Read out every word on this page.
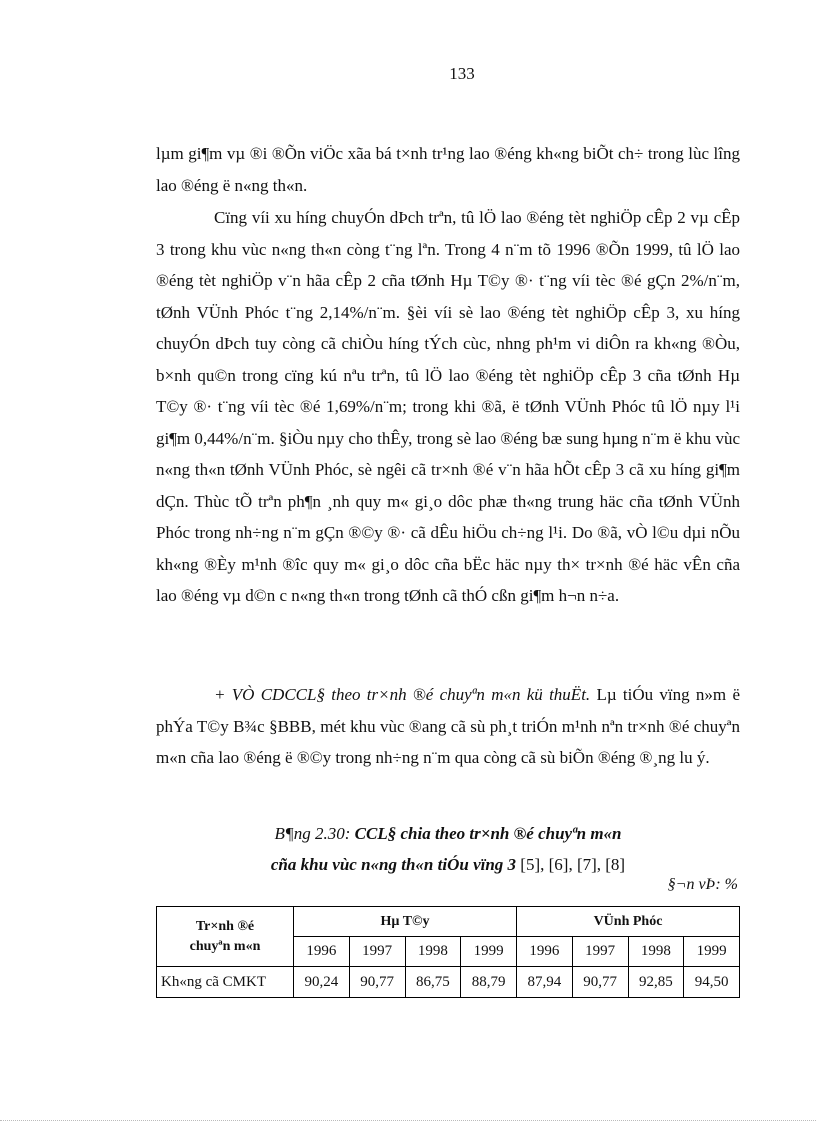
133

lµm gi¶m vµ ®i ®Õn viÖc xãa bá t×nh tr¹ng lao ®éng kh«ng biÕt ch÷ trong lùc lîng lao ®éng ë n«ng th«n.

Cïng víi xu híng chuyÓn dÞch trªn, tû lÖ lao ®éng tèt nghiÖp cÊp 2 vµ cÊp 3 trong khu vùc n«ng th«n còng t¨ng lªn. Trong 4 n¨m tõ 1996 ®Õn 1999, tû lÖ lao ®éng tèt nghiÖp v¨n hãa cÊp 2 cña tØnh Hµ T©y ®· t¨ng víi tèc ®é gÇn 2%/n¨m, tØnh VÜnh Phóc t¨ng 2,14%/n¨m. §èi víi sè lao ®éng tèt nghiÖp cÊp 3, xu híng chuyÓn dÞch tuy còng cã chiÒu híng tÝch cùc, nhng ph¹m vi diÔn ra kh«ng ®Òu, b×nh qu©n trong cïng kú nªu trªn, tû lÖ lao ®éng tèt nghiÖp cÊp 3 cña tØnh Hµ T©y ®· t¨ng víi tèc ®é 1,69%/n¨m; trong khi ®ã, ë tØnh VÜnh Phóc tû lÖ nµy l¹i gi¶m 0,44%/n¨m. §iÒu nµy cho thÊy, trong sè lao ®éng bæ sung hµng n¨m ë khu vùc n«ng th«n tØnh VÜnh Phóc, sè ngêi cã tr×nh ®é v¨n hãa hÕt cÊp 3 cã xu híng gi¶m dÇn. Thùc tÕ trªn ph¶n ¸nh quy m« gi¸o dôc phæ th«ng trung häc cña tØnh VÜnh Phóc trong nh÷ng n¨m gÇn ®©y ®· cã dÊu hiÖu ch÷ng l¹i. Do ®ã, vÒ l©u dµi nÕu kh«ng ®Èy m¹nh ®îc quy m« gi¸o dôc cña bËc häc nµy th× tr×nh ®é häc vÊn cña lao ®éng vµ d©n c n«ng th«n trong tØnh cã thÓ cßn gi¶m h¬n n÷a.

+ VÒ CDCCL§ theo tr×nh ®é chuyªn m«n kü thuËt. Lµ tiÓu vïng n»m ë phÝa T©y B¾c §BBB, mét khu vùc ®ang cã sù ph¸t triÓn m¹nh nªn tr×nh ®é chuyªn m«n cña lao ®éng ë ®©y trong nh÷ng n¨m qua còng cã sù biÕn ®éng ®¸ng lu ý.

B¶ng 2.30: CCL§ chia theo tr×nh ®é chuyªn m«n
cña khu vùc n«ng th«n tiÓu vïng 3 [5], [6], [7], [8]
§¬n vÞ: %
Tr×nh ®é
chuyªn m«n	Hµ T©y				VÜnh Phóc			
	1996	1997	1998	1999	1996	1997	1998	1999
Kh«ng cã CMKT	90,24	90,77	86,75	88,79	87,94	90,77	92,85	94,50
